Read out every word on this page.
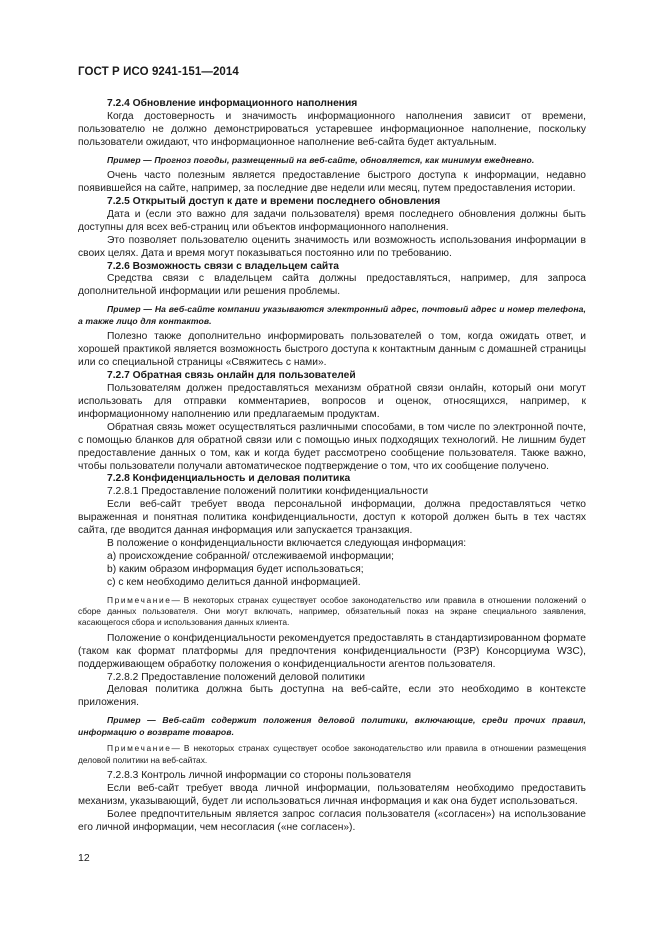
ГОСТ Р ИСО 9241-151—2014

7.2.4 Обновление информационного наполнения

Когда достоверность и значимость информационного наполнения зависит от времени, пользователю не должно демонстрироваться устаревшее информационное наполнение, поскольку пользователи ожидают, что информационное наполнение веб-сайта будет актуальным.

Пример — Прогноз погоды, размещенный на веб-сайте, обновляется, как минимум ежедневно.

Очень часто полезным является предоставление быстрого доступа к информации, недавно появившейся на сайте, например, за последние две недели или месяц, путем предоставления истории.

7.2.5 Открытый доступ к дате и времени последнего обновления

Дата и (если это важно для задачи пользователя) время последнего обновления должны быть доступны для всех веб-страниц или объектов информационного наполнения.

Это позволяет пользователю оценить значимость или возможность использования информации в своих целях. Дата и время могут показываться постоянно или по требованию.

7.2.6 Возможность связи с владельцем сайта

Средства связи с владельцем сайта должны предоставляться, например, для запроса дополнительной информации или решения проблемы.

Пример — На веб-сайте компании указываются электронный адрес, почтовый адрес и номер телефона, а также лицо для контактов.

Полезно также дополнительно информировать пользователей о том, когда ожидать ответ, и хорошей практикой является возможность быстрого доступа к контактным данным с домашней страницы или со специальной страницы «Свяжитесь с нами».

7.2.7 Обратная связь онлайн для пользователей

Пользователям должен предоставляться механизм обратной связи онлайн, который они могут использовать для отправки комментариев, вопросов и оценок, относящихся, например, к информационному наполнению или предлагаемым продуктам.

Обратная связь может осуществляться различными способами, в том числе по электронной почте, с помощью бланков для обратной связи или с помощью иных подходящих технологий. Не лишним будет предоставление данных о том, как и когда будет рассмотрено сообщение пользователя. Также важно, чтобы пользователи получали автоматическое подтверждение о том, что их сообщение получено.

7.2.8 Конфиденциальность и деловая политика

7.2.8.1 Предоставление положений политики конфиденциальности

Если веб-сайт требует ввода персональной информации, должна предоставляться четко выраженная и понятная политика конфиденциальности, доступ к которой должен быть в тех частях сайта, где вводится данная информация или запускается транзакция.

В положение о конфиденциальности включается следующая информация:

a) происхождение собранной/ отслеживаемой информации;

b) каким образом информация будет использоваться;

c) с кем необходимо делиться данной информацией.

Примечание— В некоторых странах существует особое законодательство или правила в отношении положений о сборе данных пользователя. Они могут включать, например, обязательный показ на экране специального заявления, касающегося сбора и использования данных клиента.

Положение о конфиденциальности рекомендуется предоставлять в стандартизированном формате (таком как формат платформы для предпочтения конфиденциальности (P3P) Консорциума W3C), поддерживающем обработку положения о конфиденциальности агентов пользователя.

7.2.8.2 Предоставление положений деловой политики

Деловая политика должна быть доступна на веб-сайте, если это необходимо в контексте приложения.

Пример — Веб-сайт содержит положения деловой политики, включающие, среди прочих правил, информацию о возврате товаров.

Примечание— В некоторых странах существует особое законодательство или правила в отношении размещения деловой политики на веб-сайтах.

7.2.8.3 Контроль личной информации со стороны пользователя

Если веб-сайт требует ввода личной информации, пользователям необходимо предоставить механизм, указывающий, будет ли использоваться личная информация и как она будет использоваться.

Более предпочтительным является запрос согласия пользователя («согласен») на использование его личной информации, чем несогласия («не согласен»).

12
